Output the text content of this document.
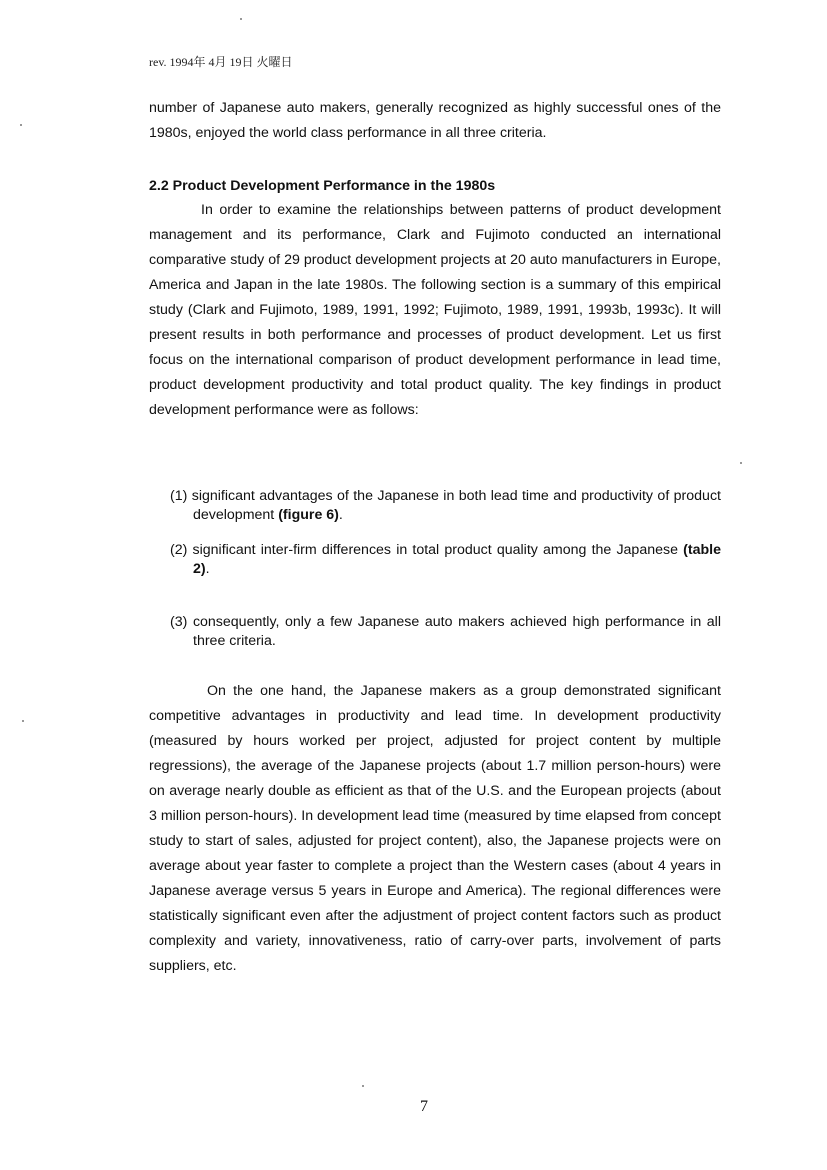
rev. 1994年 4月 19日 火曜日
number of Japanese auto makers, generally recognized as highly successful ones of the 1980s, enjoyed the world class performance in all three criteria.
2.2 Product Development Performance in the 1980s
In order to examine the relationships between patterns of product development management and its performance, Clark and Fujimoto conducted an international comparative study of 29 product development projects at 20 auto manufacturers in Europe, America and Japan in the late 1980s. The following section is a summary of this empirical study (Clark and Fujimoto, 1989, 1991, 1992; Fujimoto, 1989, 1991, 1993b, 1993c). It will present results in both performance and processes of product development. Let us first focus on the international comparison of product development performance in lead time, product development productivity and total product quality. The key findings in product development performance were as follows:
(1) significant advantages of the Japanese in both lead time and productivity of product development (figure 6).
(2) significant inter-firm differences in total product quality among the Japanese (table 2).
(3) consequently, only a few Japanese auto makers achieved high performance in all three criteria.
On the one hand, the Japanese makers as a group demonstrated significant competitive advantages in productivity and lead time. In development productivity (measured by hours worked per project, adjusted for project content by multiple regressions), the average of the Japanese projects (about 1.7 million person-hours) were on average nearly double as efficient as that of the U.S. and the European projects (about 3 million person-hours). In development lead time (measured by time elapsed from concept study to start of sales, adjusted for project content), also, the Japanese projects were on average about year faster to complete a project than the Western cases (about 4 years in Japanese average versus 5 years in Europe and America). The regional differences were statistically significant even after the adjustment of project content factors such as product complexity and variety, innovativeness, ratio of carry-over parts, involvement of parts suppliers, etc.
7
